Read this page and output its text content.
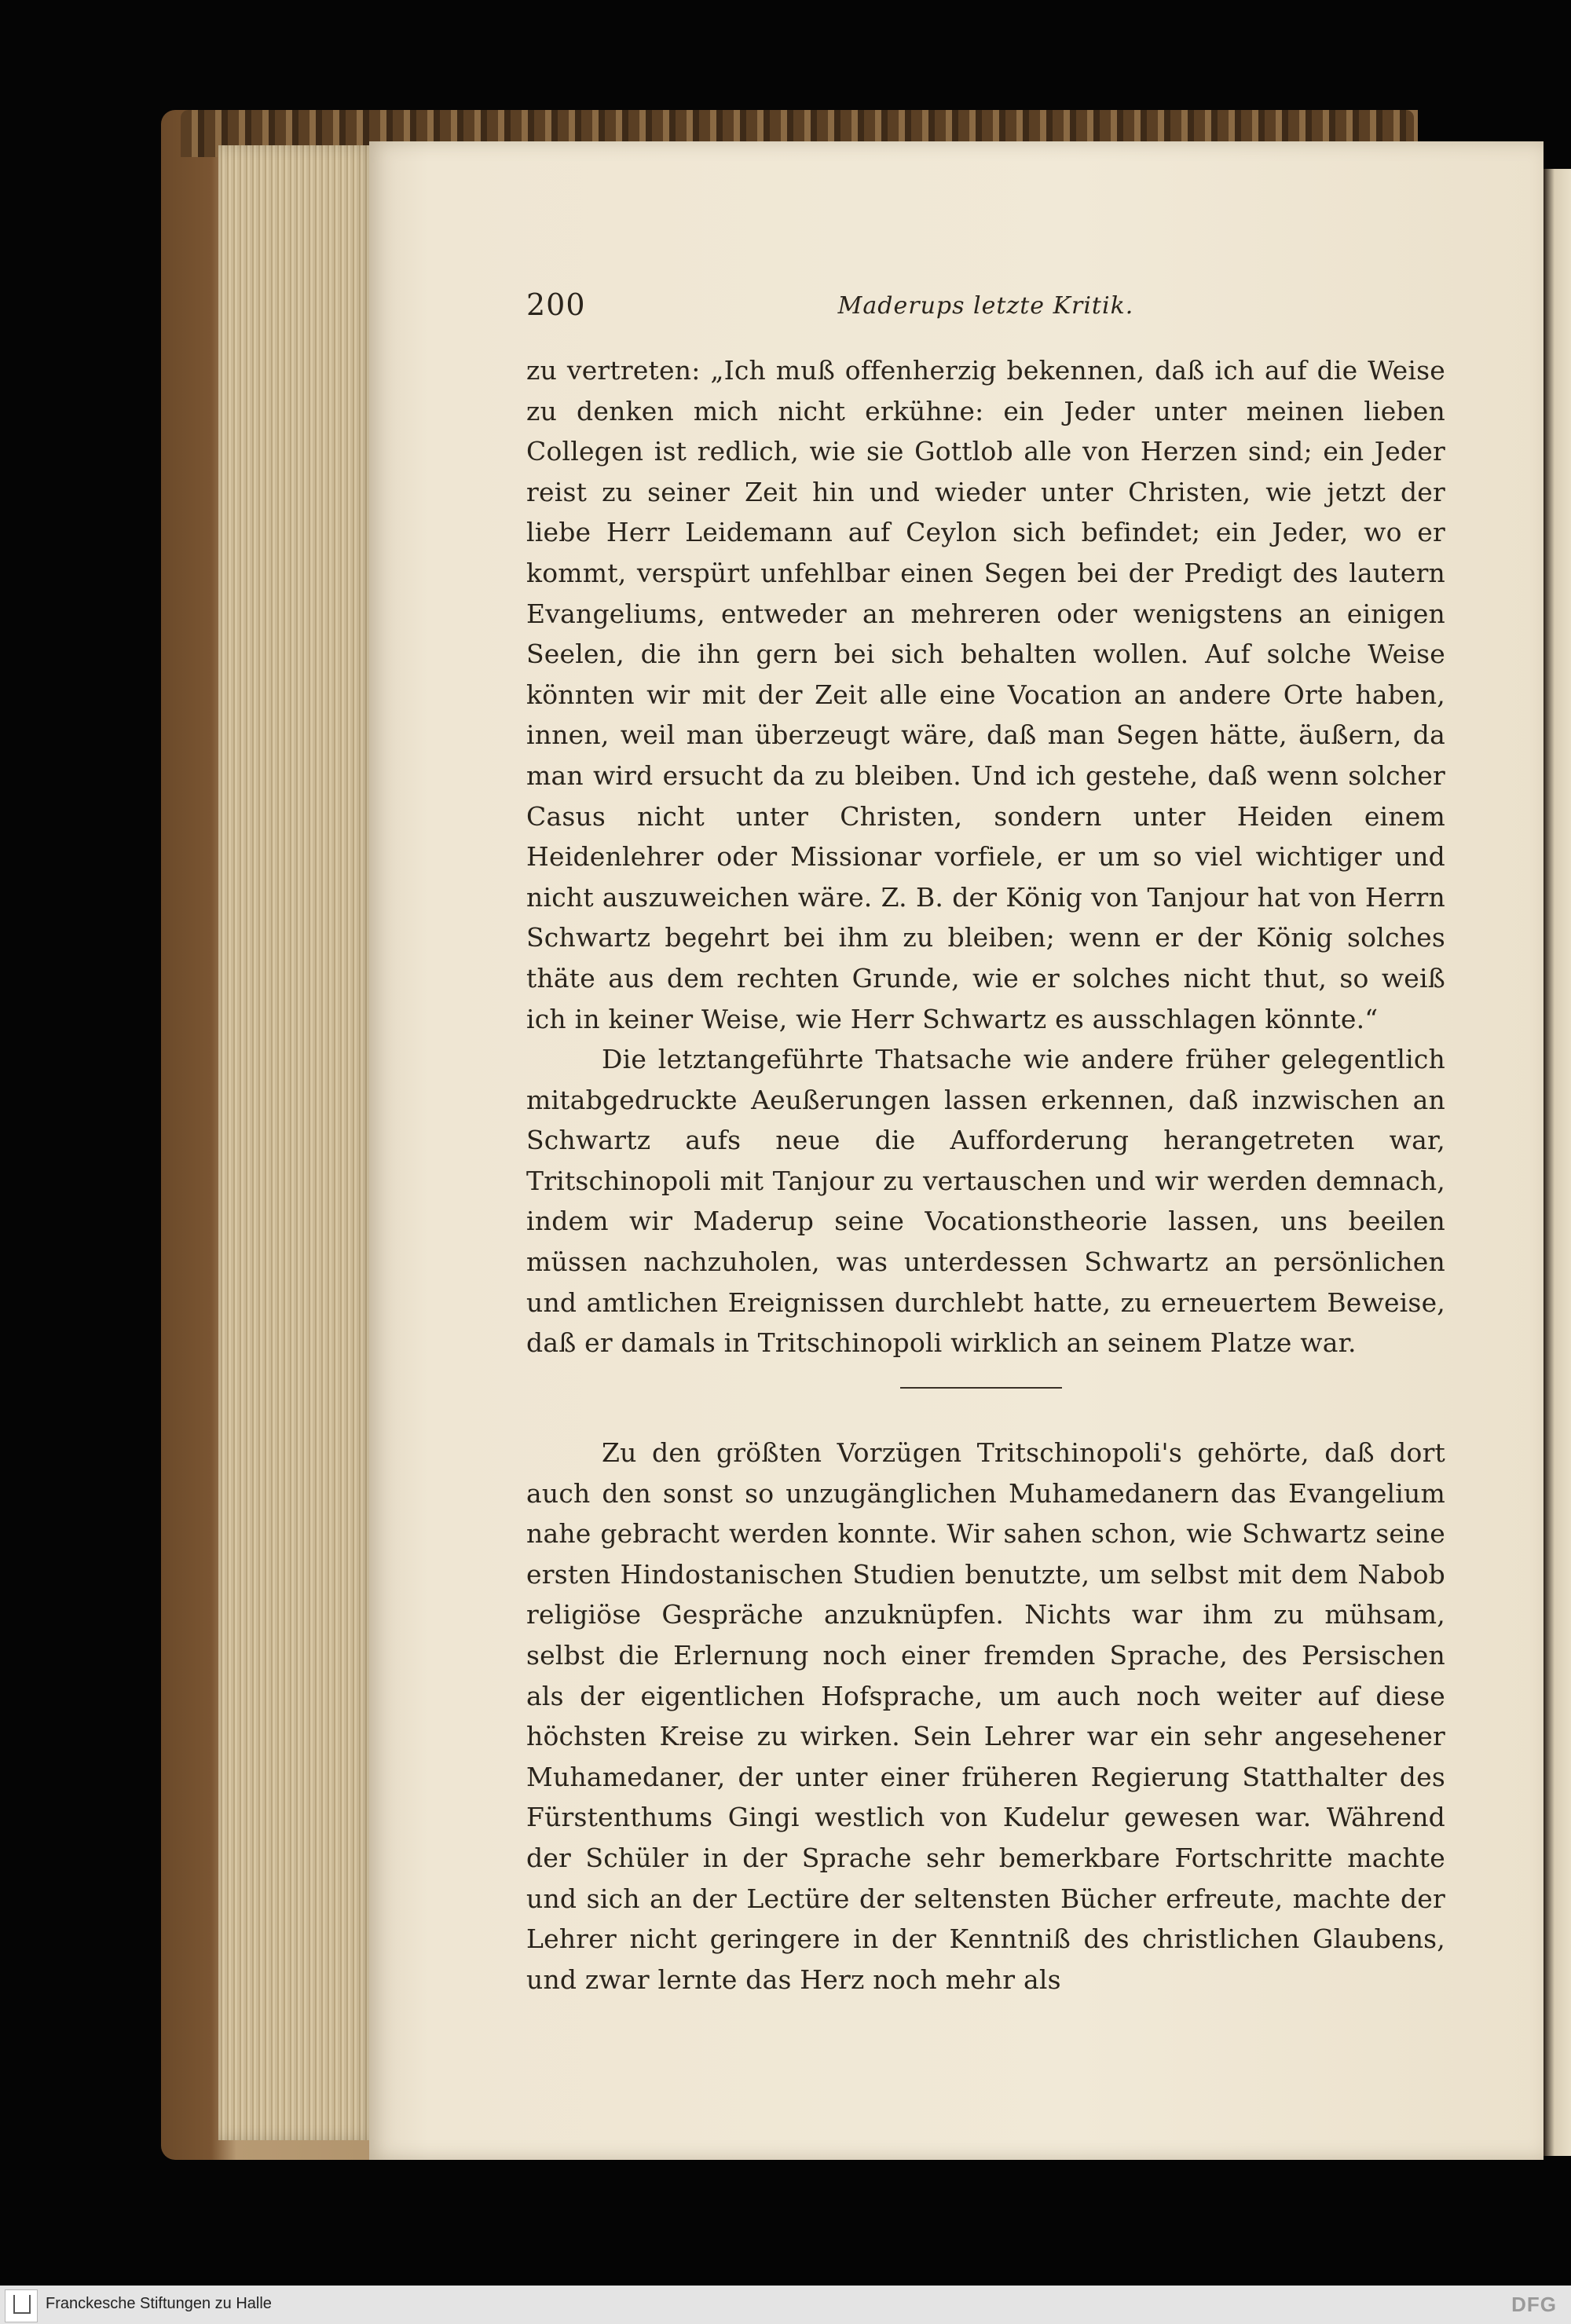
200	Maderups letzte Kritik.

zu vertreten: „Ich muß offenherzig bekennen, daß ich auf die Weise zu denken mich nicht erkühne: ein Jeder unter meinen lieben Collegen ist redlich, wie sie Gottlob alle von Herzen sind; ein Jeder reist zu seiner Zeit hin und wieder unter Christen, wie jetzt der liebe Herr Leidemann auf Ceylon sich befindet; ein Jeder, wo er kommt, verspürt unfehlbar einen Segen bei der Predigt des lautern Evangeliums, entweder an mehreren oder wenigstens an einigen Seelen, die ihn gern bei sich behalten wollen. Auf solche Weise könnten wir mit der Zeit alle eine Vocation an andere Orte haben, innen, weil man überzeugt wäre, daß man Segen hätte, äußern, da man wird ersucht da zu bleiben. Und ich gestehe, daß wenn solcher Casus nicht unter Christen, sondern unter Heiden einem Heidenlehrer oder Missionar vorfiele, er um so viel wichtiger und nicht auszuweichen wäre. Z. B. der König von Tanjour hat von Herrn Schwartz begehrt bei ihm zu bleiben; wenn er der König solches thäte aus dem rechten Grunde, wie er solches nicht thut, so weiß ich in keiner Weise, wie Herr Schwartz es ausschlagen könnte.“

Die letztangeführte Thatsache wie andere früher gelegentlich mitabgedruckte Aeußerungen lassen erkennen, daß inzwischen an Schwartz aufs neue die Aufforderung herangetreten war, Tritschinopoli mit Tanjour zu vertauschen und wir werden demnach, indem wir Maderup seine Vocationstheorie lassen, uns beeilen müssen nachzuholen, was unterdessen Schwartz an persönlichen und amtlichen Ereignissen durchlebt hatte, zu erneuertem Beweise, daß er damals in Tritschinopoli wirklich an seinem Platze war.

Zu den größten Vorzügen Tritschinopoli's gehörte, daß dort auch den sonst so unzugänglichen Muhamedanern das Evangelium nahe gebracht werden konnte. Wir sahen schon, wie Schwartz seine ersten Hindostanischen Studien benutzte, um selbst mit dem Nabob religiöse Gespräche anzuknüpfen. Nichts war ihm zu mühsam, selbst die Erlernung noch einer fremden Sprache, des Persischen als der eigentlichen Hofsprache, um auch noch weiter auf diese höchsten Kreise zu wirken. Sein Lehrer war ein sehr angesehener Muhamedaner, der unter einer früheren Regierung Statthalter des Fürstenthums Gingi westlich von Kudelur gewesen war. Während der Schüler in der Sprache sehr bemerkbare Fortschritte machte und sich an der Lectüre der seltensten Bücher erfreute, machte der Lehrer nicht geringere in der Kenntniß des christlichen Glaubens, und zwar lernte das Herz noch mehr als

Franckesche Stiftungen zu Halle	DFG
